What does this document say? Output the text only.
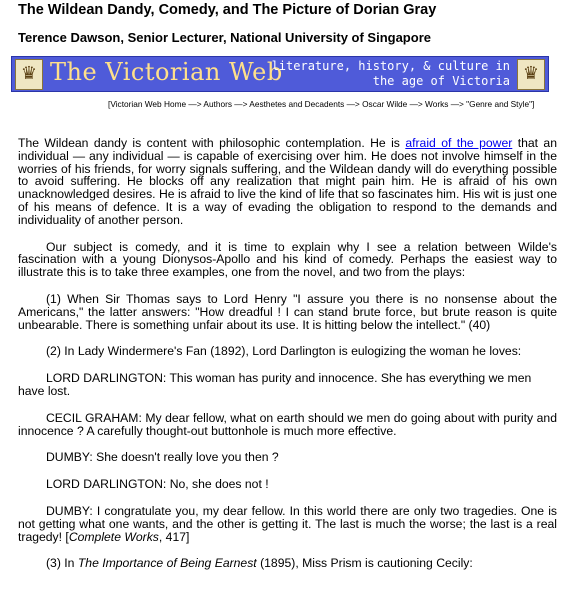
The Wildean Dandy, Comedy, and The Picture of Dorian Gray
Terence Dawson, Senior Lecturer, National University of Singapore
♛ The Victorian Web
literature, history, & culture in
the age of Victoria ♛
[Victorian Web Home —> Authors —> Aesthetes and Decadents —> Oscar Wilde —> Works —> "Genre and Style"]

The Wildean dandy is content with philosophic contemplation. He is afraid of the power that an individual — any individual — is capable of exercising over him. He does not involve himself in the worries of his friends, for worry signals suffering, and the Wildean dandy will do everything possible to avoid suffering. He blocks off any realization that might pain him. He is afraid of his own unacknowledged desires. He is afraid to live the kind of life that so fascinates him. His wit is just one of his means of defence. It is a way of evading the obligation to respond to the demands and individuality of another person.

Our subject is comedy, and it is time to explain why I see a relation between Wilde's fascination with a young Dionysos-Apollo and his kind of comedy. Perhaps the easiest way to illustrate this is to take three examples, one from the novel, and two from the plays:

(1) When Sir Thomas says to Lord Henry "I assure you there is no nonsense about the Americans," the latter answers: "How dreadful ! I can stand brute force, but brute reason is quite unbearable. There is something unfair about its use. It is hitting below the intellect." (40)

(2) In Lady Windermere's Fan (1892), Lord Darlington is eulogizing the woman he loves:

LORD DARLINGTON: This woman has purity and innocence. She has everything we men have lost.

CECIL GRAHAM: My dear fellow, what on earth should we men do going about with purity and innocence ? A carefully thought-out buttonhole is much more effective.

DUMBY: She doesn't really love you then ?

LORD DARLINGTON: No, she does not !

DUMBY: I congratulate you, my dear fellow. In this world there are only two tragedies. One is not getting what one wants, and the other is getting it. The last is much the worse; the last is a real tragedy! [Complete Works, 417]

(3) In The Importance of Being Earnest (1895), Miss Prism is cautioning Cecily:
